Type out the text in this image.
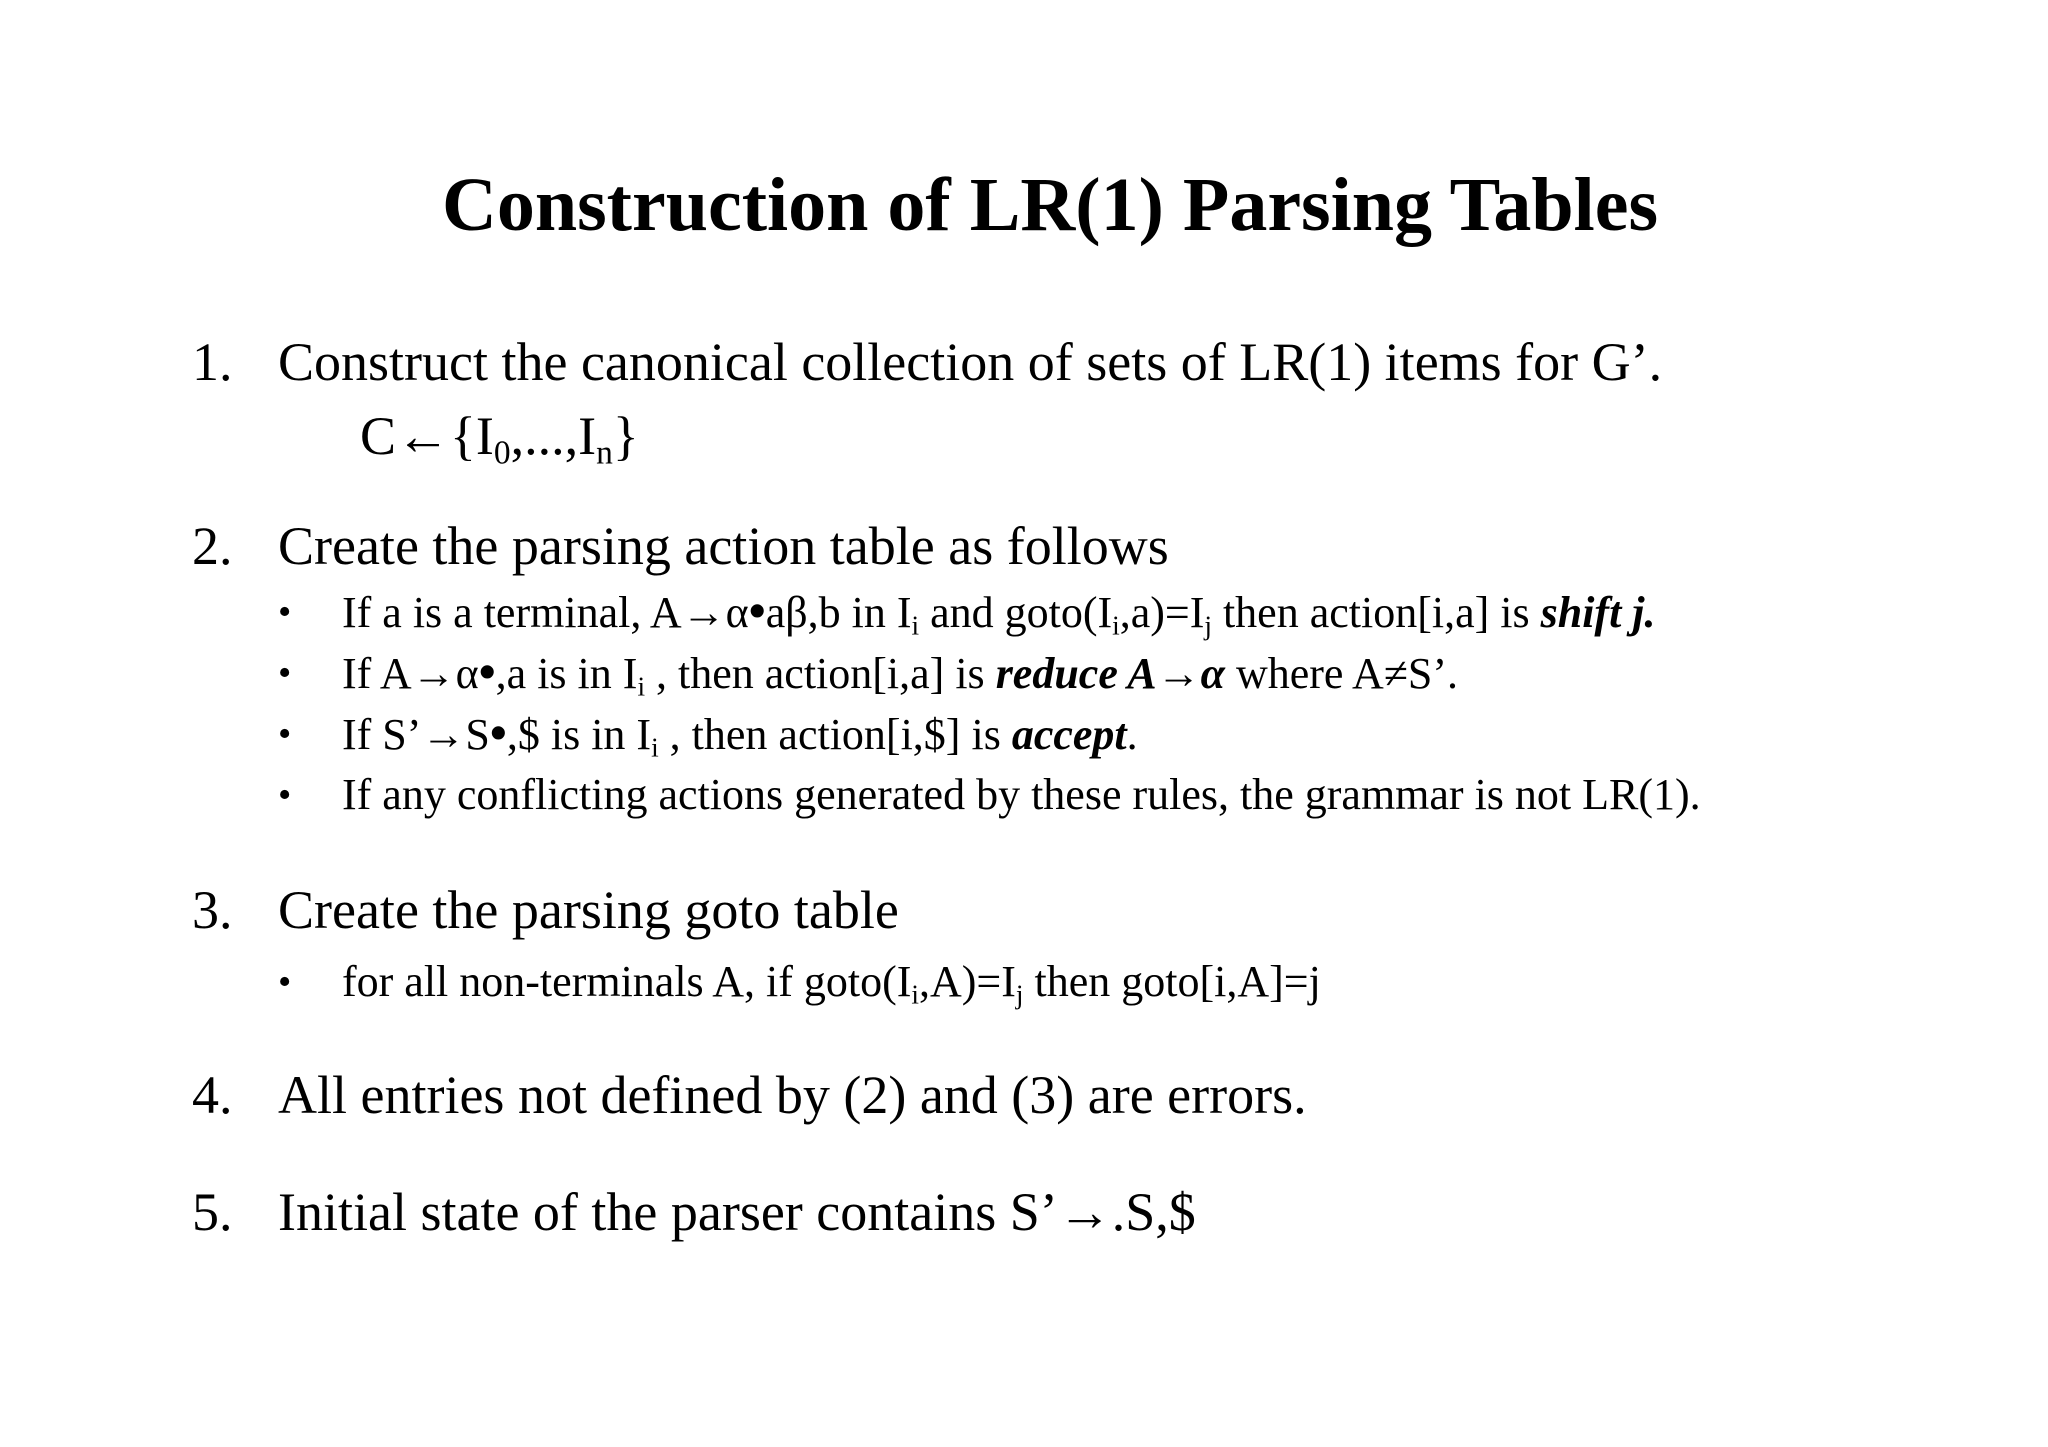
Construction of LR(1) Parsing Tables
1. Construct the canonical collection of sets of LR(1) items for G’.
$C\leftarrow\{I_0,...,I_n\}$
2. Create the parsing action table as follows
• If a is a terminal, A→α•aβ,b in $I_i$ and $goto(I_i,a)=I_j$ then action[i,a] is shift j.
• If A→α•,a is in $I_i$ , then action[i,a] is reduce A→α where A≠S’.
• If S’→S•,$ is in $I_i$ , then action[i,$] is accept.
• If any conflicting actions generated by these rules, the grammar is not LR(1).
3. Create the parsing goto table
• for all non-terminals A, if $goto(I_i,A)=I_j$ then goto[i,A]=j
4. All entries not defined by (2) and (3) are errors.
5. Initial state of the parser contains S’→.S,$
